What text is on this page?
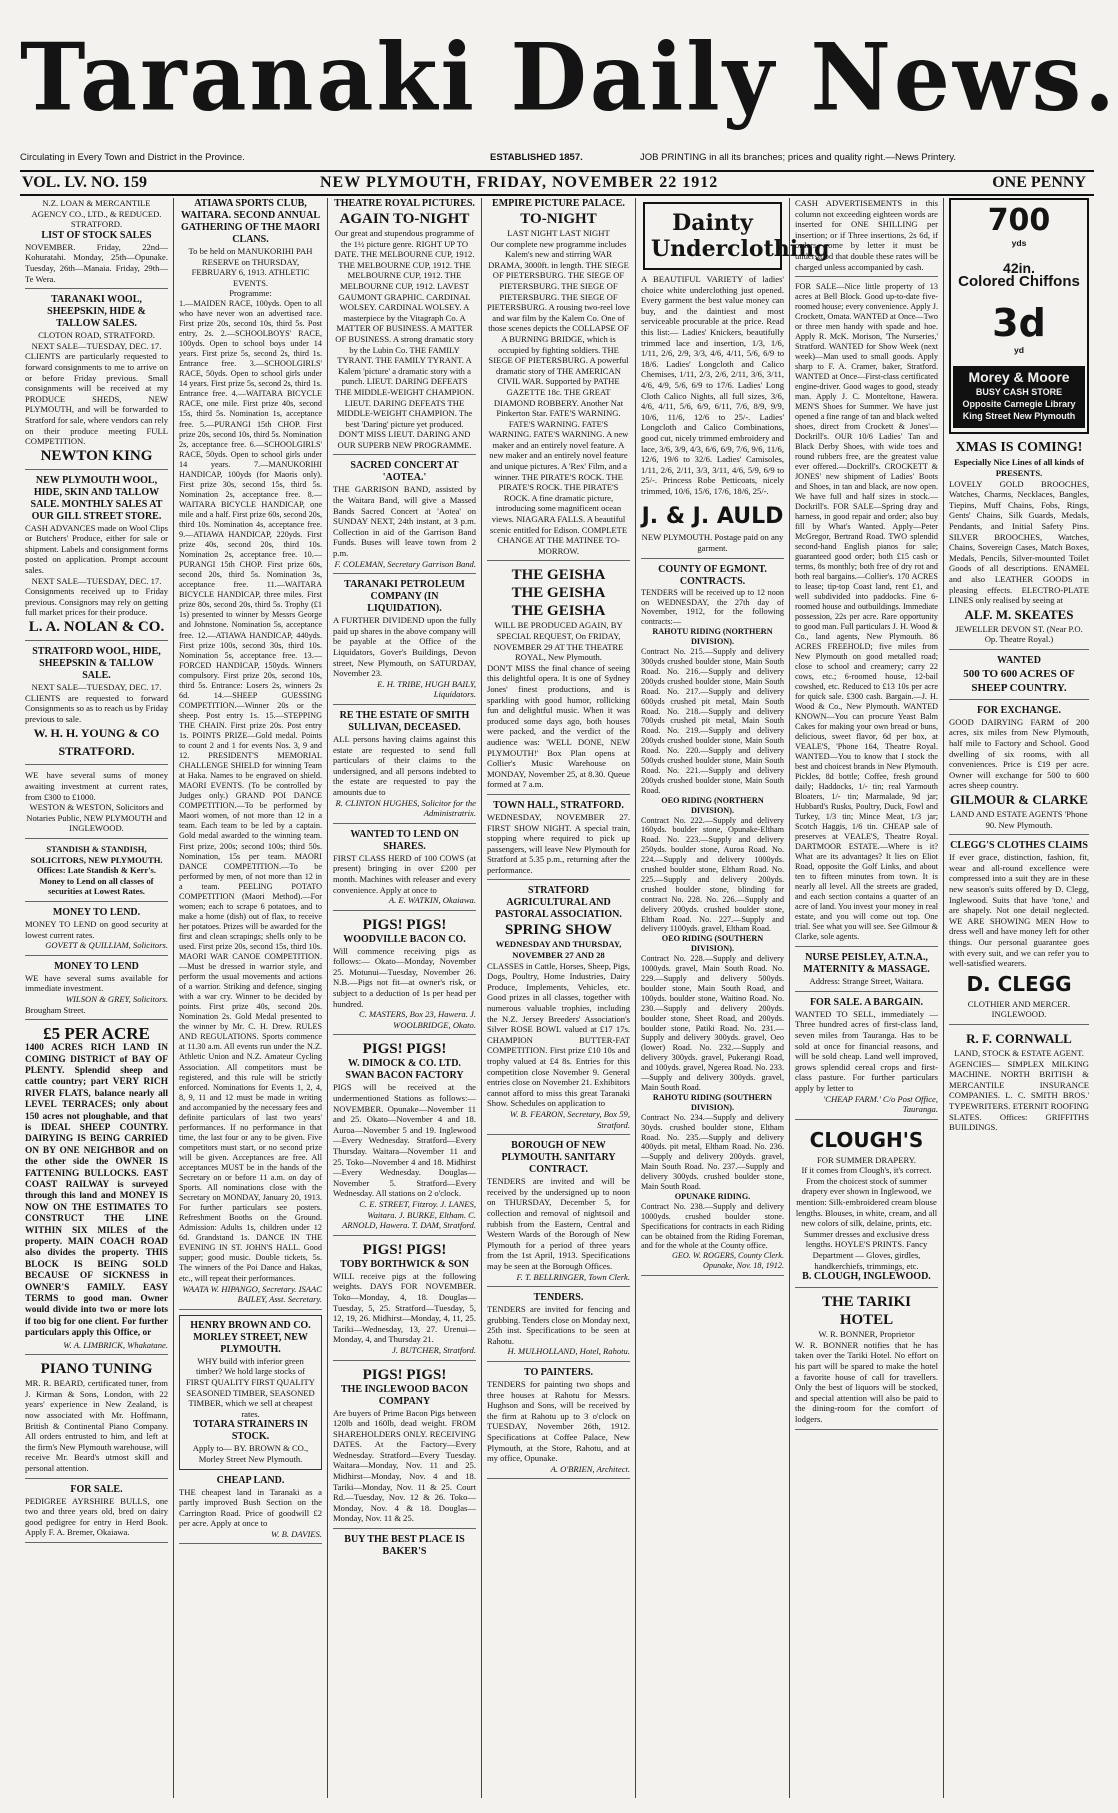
Taranaki Daily News.
Circulating in Every Town and District in the Province.	ESTABLISHED 1857.	JOB PRINTING in all its branches; prices and quality right.—News Printery.
VOL. LV. NO. 159	NEW PLYMOUTH, FRIDAY, NOVEMBER 22 1912	ONE PENNY
N.Z. LOAN & MERCANTILE AGENCY CO., LTD., & REDUCED. STRATFORD.
LIST OF STOCK SALES
NOVEMBER. Friday, 22nd—Kohuratahi. Monday, 25th—Opunake. Tuesday, 26th—Manaia. Friday, 29th—Te Wera.
TARANAKI WOOL, SHEEPSKIN, HIDE & TALLOW SALES.
CLOTON ROAD, STRATFORD.
NEXT SALE—TUESDAY, DEC. 17.
CLIENTS are particularly requested to forward consignments to me to arrive on or before Friday previous. Small consignments will be received at my PRODUCE SHEDS, NEW PLYMOUTH, and will be forwarded to Stratford for sale, where vendors can rely on their produce meeting FULL COMPETITION.
NEWTON KING
NEW PLYMOUTH WOOL, HIDE, SKIN AND TALLOW SALE. MONTHLY SALES AT OUR GILL STREET STORE.
CASH ADVANCES made on Wool Clips or Butchers' Produce, either for sale or shipment. Labels and consignment forms posted on application. Prompt account sales.
NEXT SALE—TUESDAY, DEC. 17.
Consignments received up to Friday previous. Consignors may rely on getting full market prices for their produce.
L. A. NOLAN & CO.
STRATFORD WOOL, HIDE, SHEEPSKIN & TALLOW SALE.
NEXT SALE—TUESDAY, DEC. 17.
CLIENTS are requested to forward Consignments so as to reach us by Friday previous to sale.
W. H. H. YOUNG & CO STRATFORD.
WE have several sums of money awaiting investment at current rates, from £300 to £1000.
WESTON & WESTON, Solicitors and Notaries Public, NEW PLYMOUTH and INGLEWOOD.
STANDISH & STANDISH, SOLICITORS, NEW PLYMOUTH. Offices: Late Standish & Kerr's. Money to Lend on all classes of securities at Lowest Rates.
MONEY TO LEND.
MONEY TO LEND on good security at lowest current rates.
GOVETT & QUILLIAM, Solicitors.
MONEY TO LEND
WE have several sums available for immediate investment.
WILSON & GREY, Solicitors.
Brougham Street.
£5 PER ACRE
1400 ACRES RICH LAND IN COMING DISTRICT of BAY OF PLENTY. Splendid sheep and cattle country; part VERY RICH RIVER FLATS, balance nearly all LEVEL TERRACES; only about 150 acres not ploughable, and that is IDEAL SHEEP COUNTRY. DAIRYING IS BEING CARRIED ON BY ONE NEIGHBOR and on the other side the OWNER IS FATTENING BULLOCKS. EAST COAST RAILWAY is surveyed through this land and MONEY IS NOW ON THE ESTIMATES TO CONSTRUCT THE LINE WITHIN SIX MILES of the property. MAIN COACH ROAD also divides the property. THIS BLOCK IS BEING SOLD BECAUSE OF SICKNESS in OWNER'S FAMILY. EASY TERMS to good man. Owner would divide into two or more lots if too big for one client. For further particulars apply this Office, or
W. A. LIMBRICK, Whakatane.
PIANO TUNING
MR. R. BEARD, certificated tuner, from J. Kirman & Sons, London, with 22 years' experience in New Zealand, is now associated with Mr. Hoffmann, British & Continental Piano Company. All orders entrusted to him, and left at the firm's New Plymouth warehouse, will receive Mr. Beard's utmost skill and personal attention.
FOR SALE.
PEDIGREE AYRSHIRE BULLS, one two and three years old, bred on dairy good pedigree for entry in Herd Book. Apply F. A. Bremer, Okaiawa.
ATIAWA SPORTS CLUB, WAITARA. SECOND ANNUAL GATHERING OF THE MAORI CLANS.
To be held on MANUKORIHI PAH RESERVE on THURSDAY, FEBRUARY 6, 1913. ATHLETIC EVENTS.
Programme:
1.—MAIDEN RACE, 100yds. Open to all who have never won an advertised race. First prize 20s, second 10s, third 5s. Post entry, 2s. 2.—SCHOOLBOYS' RACE, 100yds. Open to school boys under 14 years. First prize 5s, second 2s, third 1s. Entrance free. 3.—SCHOOLGIRLS' RACE, 50yds. Open to school girls under 14 years. First prize 5s, second 2s, third 1s. Entrance free. 4.—WAITARA BICYCLE RACE, one mile. First prize 40s, second 15s, third 5s. Nomination 1s, acceptance free. 5.—PURANGI 15th CHOP. First prize 20s, second 10s, third 5s. Nomination 2s, acceptance free. 6.—SCHOOLGIRLS' RACE, 50yds. Open to school girls under 14 years. 7.—MANUKORIHI HANDICAP, 100yds (for Maoris only). First prize 30s, second 15s, third 5s. Nomination 2s, acceptance free. 8.—WAITARA BICYCLE HANDICAP, one mile and a half. First prize 60s, second 20s, third 10s. Nomination 4s, acceptance free. 9.—ATIAWA HANDICAP, 220yds. First prize 40s, second 20s, third 10s. Nomination 2s, acceptance free. 10.—PURANGI 15th CHOP. First prize 60s, second 20s, third 5s. Nomination 3s, acceptance free. 11.—WAITARA BICYCLE HANDICAP, three miles. First prize 80s, second 20s, third 5s. Trophy (£1 1s) presented to winner by Messrs George and Johnstone. Nomination 5s, acceptance free. 12.—ATIAWA HANDICAP, 440yds. First prize 100s, second 30s, third 10s. Nomination 5s, acceptance free. 13.—FORCED HANDICAP, 150yds. Winners compulsory. First prize 20s, second 10s, third 5s. Entrance: Losers 2s, winners 2s 6d. 14.—SHEEP GUESSING COMPETITION.—Winner 20s or the sheep. Post entry 1s. 15.—STEPPING THE CHAIN. First prize 20s. Post entry 1s. POINTS PRIZE—Gold medal. Points to count 2 and 1 for events Nos. 3, 9 and 12. PRESIDENT'S MEMORIAL CHALLENGE SHIELD for winning Team at Haka. Names to be engraved on shield. MAORI EVENTS. (To be controlled by Judges only.) GRAND POI DANCE COMPETITION.—To be performed by Maori women, of not more than 12 in a team. Each team to be led by a captain. Gold medal awarded to the winning team. First prize, 200s; second 100s; third 50s. Nomination, 15s per team. MAORI DANCE COMPETITION.—To be performed by men, of not more than 12 in a team. PEELING POTATO COMPETITION (Maori Method).—For women; each to scrape 6 potatoes, and to make a home (dish) out of flax, to receive her potatoes. Prizes will be awarded for the first and clean scrapings; shells only to be used. First prize 20s, second 15s, third 10s. MAORI WAR CANOE COMPETITION.—Must be dressed in warrior style, and perform the usual movements and actions of a warrior. Striking and defence, singing with a war cry. Winner to be decided by points. First prize 40s, second 20s. Nomination 2s. Gold Medal presented to the winner by Mr. C. H. Drew. RULES AND REGULATIONS. Sports commence at 11.30 a.m. All events run under the N.Z. Athletic Union and N.Z. Amateur Cycling Association. All competitors must be registered, and this rule will be strictly enforced. Nominations for Events 1, 2, 4, 8, 9, 11 and 12 must be made in writing and accompanied by the necessary fees and definite particulars of last two years' performances. If no performance in that time, the last four or any to be given. Five competitors must start, or no second prize will be given. Acceptances are free. All acceptances MUST be in the hands of the Secretary on or before 11 a.m. on day of Sports. All nominations close with the Secretary on MONDAY, January 20, 1913. For further particulars see posters. Refreshment Booths on the Ground. Admission: Adults 1s, children under 12 6d. Grandstand 1s. DANCE IN THE EVENING IN ST. JOHN'S HALL. Good supper; good music. Double tickets, 5s. The winners of the Poi Dance and Hakas, etc., will repeat their performances.
WAATA W. HIPANGO, Secretary. ISAAC BAILEY, Asst. Secretary.
HENRY BROWN AND CO. MORLEY STREET, NEW PLYMOUTH.
WHY build with inferior green timber? We hold large stocks of FIRST QUALITY FIRST QUALITY SEASONED TIMBER, SEASONED TIMBER, which we sell at cheapest rates.
TOTARA STRAINERS IN STOCK.
Apply to— BY. BROWN & CO., Morley Street New Plymouth.
CHEAP LAND.
THE cheapest land in Taranaki as a partly improved Bush Section on the Carrington Road. Price of goodwill £2 per acre. Apply at once to
W. B. DAVIES.
THEATRE ROYAL PICTURES.
AGAIN TO-NIGHT
Our great and stupendous programme of the 1½ picture genre. RIGHT UP TO DATE. THE MELBOURNE CUP, 1912. THE MELBOURNE CUP, 1912. THE MELBOURNE CUP, 1912. THE MELBOURNE CUP, 1912. LAVEST GAUMONT GRAPHIC. CARDINAL WOLSEY. CARDINAL WOLSEY. A masterpiece by the Vitagraph Co. A MATTER OF BUSINESS. A MATTER OF BUSINESS. A strong dramatic story by the Lubin Co. THE FAMILY TYRANT. THE FAMILY TYRANT. A Kalem 'picture' a dramatic story with a punch. LIEUT. DARING DEFEATS THE MIDDLE-WEIGHT CHAMPION. LIEUT. DARING DEFEATS THE MIDDLE-WEIGHT CHAMPION. The best 'Daring' picture yet produced. DON'T MISS LIEUT. DARING AND OUR SUPERB NEW PROGRAMME.
SACRED CONCERT AT 'AOTEA.'
THE GARRISON BAND, assisted by the Waitara Band, will give a Massed Bands Sacred Concert at 'Aotea' on SUNDAY NEXT, 24th instant, at 3 p.m. Collection in aid of the Garrison Band Funds. Buses will leave town from 2 p.m.
F. COLEMAN, Secretary Garrison Band.
TARANAKI PETROLEUM COMPANY (IN LIQUIDATION).
A FURTHER DIVIDEND upon the fully paid up shares in the above company will be payable at the Office of the Liquidators, Gover's Buildings, Devon street, New Plymouth, on SATURDAY, November 23.
E. H. TRIBE, HUGH BAILY, Liquidators.
RE THE ESTATE OF SMITH SULLIVAN, DECEASED.
ALL persons having claims against this estate are requested to send full particulars of their claims to the undersigned, and all persons indebted to the estate are requested to pay the amounts due to
R. CLINTON HUGHES, Solicitor for the Administratrix.
WANTED TO LEND ON SHARES.
FIRST CLASS HERD of 100 COWS (at present) bringing in over £200 per month. Machines with releaser and every convenience. Apply at once to
A. E. WATKIN, Okaiawa.
PIGS! PIGS!
WOODVILLE BACON CO.
Will commence receiving pigs as follows:— Okato—Monday, November 25. Motunui—Tuesday, November 26. N.B.—Pigs not fit—at owner's risk, or subject to a deduction of 1s per head per hundred.
C. MASTERS, Box 23, Hawera. J. WOOLBRIDGE, Okato.
PIGS! PIGS!
W. DIMOCK & CO. LTD. SWAN BACON FACTORY
PIGS will be received at the undermentioned Stations as follows:— NOVEMBER. Opunake—November 11 and 25. Okato—November 4 and 18. Auroa—November 5 and 19. Inglewood—Every Wednesday. Stratford—Every Thursday. Waitara—November 11 and 25. Toko—November 4 and 18. Midhirst—Every Wednesday. Douglas—November 5. Stratford—Every Wednesday. All stations on 2 o'clock.
C. E. STREET, Fitzroy. J. LANES, Waitara. J. BURKE, Eltham. C. ARNOLD, Hawera. T. DAM, Stratford.
PIGS! PIGS!
TOBY BORTHWICK & SON
WILL receive pigs at the following weights. DAYS FOR NOVEMBER. Toko—Monday, 4, 18. Douglas—Tuesday, 5, 25. Stratford—Tuesday, 5, 12, 19, 26. Midhirst—Monday, 4, 11, 25. Tariki—Wednesday, 13, 27. Urenui—Monday, 4, and Thursday 21.
J. BUTCHER, Stratford.
PIGS! PIGS!
THE INGLEWOOD BACON COMPANY
Are buyers of Prime Bacon Pigs between 120lb and 160lb, dead weight. FROM SHAREHOLDERS ONLY. RECEIVING DATES. At the Factory—Every Wednesday. Stratford—Every Tuesday. Waitara—Monday, Nov. 11 and 25. Midhirst—Monday, Nov. 4 and 18. Tariki—Monday, Nov. 11 & 25. Court Rd.—Tuesday, Nov. 12 & 26. Toko—Monday, Nov. 4 & 18. Douglas—Monday, Nov. 11 & 25.
BUY THE BEST PLACE IS BAKER'S
EMPIRE PICTURE PALACE.
TO-NIGHT
LAST NIGHT LAST NIGHT
Our complete new programme includes Kalem's new and stirring WAR DRAMA, 3000ft. in length. THE SIEGE OF PIETERSBURG. THE SIEGE OF PIETERSBURG. THE SIEGE OF PIETERSBURG. THE SIEGE OF PIETERSBURG. A rousing two-reel love and war film by the Kalem Co. One of those scenes depicts the COLLAPSE OF A BURNING BRIDGE, which is occupied by fighting soldiers. THE SIEGE OF PIETERSBURG. A powerful dramatic story of THE AMERICAN CIVIL WAR. Supported by PATHE GAZETTE 18c. THE GREAT DIAMOND ROBBERY. Another Nat Pinkerton Star. FATE'S WARNING. FATE'S WARNING. FATE'S WARNING. FATE'S WARNING. A new maker and an entirely novel feature. A new maker and an entirely novel feature and unique pictures. A 'Rex' Film, and a winner. THE PIRATE'S ROCK. THE PIRATE'S ROCK. THE PIRATE'S ROCK. A fine dramatic picture, introducing some magnificent ocean views. NIAGARA FALLS. A beautiful scenic entitled for Edison. COMPLETE CHANGE AT THE MATINEE TO-MORROW.
THE GEISHA
THE GEISHA
THE GEISHA
WILL BE PRODUCED AGAIN, BY SPECIAL REQUEST, On FRIDAY, NOVEMBER 29 AT THE THEATRE ROYAL, New Plymouth.
DON'T MISS the final chance of seeing this delightful opera. It is one of Sydney Jones' finest productions, and is sparkling with good humor, rollicking fun and delightful music. When it was produced some days ago, both houses were packed, and the verdict of the audience was: 'WELL DONE, NEW PLYMOUTH!' Box Plan opens at Collier's Music Warehouse on MONDAY, November 25, at 8.30. Queue formed at 7 a.m.
TOWN HALL, STRATFORD.
WEDNESDAY, NOVEMBER 27. FIRST SHOW NIGHT. A special train, stopping where required to pick up passengers, will leave New Plymouth for Stratford at 5.35 p.m., returning after the performance.
STRATFORD AGRICULTURAL AND PASTORAL ASSOCIATION.
SPRING SHOW
WEDNESDAY AND THURSDAY, NOVEMBER 27 AND 28
CLASSES in Cattle, Horses, Sheep, Pigs, Dogs, Poultry, Home Industries, Dairy Produce, Implements, Vehicles, etc. Good prizes in all classes, together with numerous valuable trophies, including the N.Z. Jersey Breeders' Association's Silver ROSE BOWL valued at £17 17s. CHAMPION BUTTER-FAT COMPETITION. First prize £10 10s and trophy valued at £4 8s. Entries for this competition close November 9. General entries close on November 21. Exhibitors cannot afford to miss this great Taranaki Show. Schedules on application to
W. B. FEARON, Secretary, Box 59, Stratford.
BOROUGH OF NEW PLYMOUTH. SANITARY CONTRACT.
TENDERS are invited and will be received by the undersigned up to noon on THURSDAY, December 5, for collection and removal of nightsoil and rubbish from the Eastern, Central and Western Wards of the Borough of New Plymouth for a period of three years from the 1st April, 1913. Specifications may be seen at the Borough Offices.
F. T. BELLRINGER, Town Clerk.
TENDERS.
TENDERS are invited for fencing and grubbing. Tenders close on Monday next, 25th inst. Specifications to be seen at Rahotu.
H. MULHOLLAND, Hotel, Rahotu.
TO PAINTERS.
TENDERS for painting two shops and three houses at Rahotu for Messrs. Hughson and Sons, will be received by the firm at Rahotu up to 3 o'clock on TUESDAY, November 26th, 1912. Specifications at Coffee Palace, New Plymouth, at the Store, Rahotu, and at my office, Opunake.
A. O'BRIEN, Architect.
Dainty
Underclothing
A BEAUTIFUL VARIETY of ladies' choice white underclothing just opened. Every garment the best value money can buy, and the daintiest and most serviceable procurable at the price. Read this list:— Ladies' Knickers, beautifully trimmed lace and insertion, 1/3, 1/6, 1/11, 2/6, 2/9, 3/3, 4/6, 4/11, 5/6, 6/9 to 18/6. Ladies' Longcloth and Calico Chemises, 1/11, 2/3, 2/6, 2/11, 3/6, 3/11, 4/6, 4/9, 5/6, 6/9 to 17/6. Ladies' Long Cloth Calico Nights, all full sizes, 3/6, 4/6, 4/11, 5/6, 6/9, 6/11, 7/6, 8/9, 9/9, 10/6, 11/6, 12/6 to 25/-. Ladies' Longcloth and Calico Combinations, good cut, nicely trimmed embroidery and lace, 3/6, 3/9, 4/3, 6/6, 6/9, 7/6, 9/6, 11/6, 12/6, 19/6 to 32/6. Ladies' Camisoles, 1/11, 2/6, 2/11, 3/3, 3/11, 4/6, 5/9, 6/9 to 25/-. Princess Robe Petticoats, nicely trimmed, 10/6, 15/6, 17/6, 18/6, 25/-.
J. & J. AULD
NEW PLYMOUTH. Postage paid on any garment.
COUNTY OF EGMONT. CONTRACTS.
TENDERS will be received up to 12 noon on WEDNESDAY, the 27th day of November, 1912, for the following contracts:—
RAHOTU RIDING (NORTHERN DIVISION).
Contract No. 215.—Supply and delivery 300yds crushed boulder stone, Main South Road. No. 216.—Supply and delivery 200yds crushed boulder stone, Main South Road. No. 217.—Supply and delivery 600yds crushed pit metal, Main South Road. No. 218.—Supply and delivery 700yds crushed pit metal, Main South Road. No. 219.—Supply and delivery 200yds crushed boulder stone, Main South Road. No. 220.—Supply and delivery 500yds crushed boulder stone, Main South Road. No. 221.—Supply and delivery 200yds crushed boulder stone, Main South Road.
OEO RIDING (NORTHERN DIVISION).
Contract No. 222.—Supply and delivery 160yds. boulder stone, Opunake-Eltham Road. No. 223.—Supply and delivery 250yds. boulder stone, Auroa Road. No. 224.—Supply and delivery 1000yds. crushed boulder stone, Eltham Road. No. 225.—Supply and delivery 200yds. crushed boulder stone, blinding for contract No. 228. No. 226.—Supply and delivery 200yds. crushed boulder stone, Eltham Road. No. 227.—Supply and delivery 1100yds. gravel, Eltham Road.
OEO RIDING (SOUTHERN DIVISION).
Contract No. 228.—Supply and delivery 1000yds. gravel, Main South Road. No. 229.—Supply and delivery 500yds. boulder stone, Main South Road, and 100yds. boulder stone, Waitino Road. No. 230.—Supply and delivery 200yds. boulder stone, Sheet Road, and 200yds. boulder stone, Patiki Road. No. 231.—Supply and delivery 300yds. gravel, Oeo (lower) Road. No. 232.—Supply and delivery 300yds. gravel, Pukerangi Road, and 100yds. gravel, Ngerea Road. No. 233.—Supply and delivery 300yds. gravel, Main South Road.
RAHOTU RIDING (SOUTHERN DIVISION).
Contract No. 234.—Supply and delivery 30yds. crushed boulder stone, Eltham Road. No. 235.—Supply and delivery 400yds. pit metal, Eltham Road. No. 236.—Supply and delivery 200yds. gravel, Main South Road. No. 237.—Supply and delivery 300yds. crushed boulder stone, Main South Road.
OPUNAKE RIDING.
Contract No. 238.—Supply and delivery 1000yds. crushed boulder stone. Specifications for contracts in each Riding can be obtained from the Riding Foreman, and for the whole at the County office.
GEO. W. ROGERS, County Clerk. Opunake, Nov. 18, 1912.
CASH ADVERTISEMENTS in this column not exceeding eighteen words are inserted for ONE SHILLING per insertion; or if Three insertions, 2s 6d, if orders come by letter it must be understood that double these rates will be charged unless accompanied by cash.
FOR SALE—Nice little property of 13 acres at Bell Block. Good up-to-date five-roomed house; every convenience. Apply J. Crockett, Omata. WANTED at Once—Two or three men handy with spade and hoe. Apply R. McK. Morison, 'The Nurseries,' Stratford. WANTED for Show Week (next week)—Man used to small goods. Apply sharp to F. A. Cramer, baker, Stratford. WANTED at Once—First-class certificated engine-driver. Good wages to good, steady man. Apply J. C. Monteltone, Hawera. MEN'S Shoes for Summer. We have just opened a fine range of tan and black welted shoes, direct from Crockett & Jones'—Dockrill's. OUR 10/6 Ladies' Tan and Black Derby Shoes, with wide toes and round rubbers free, are the greatest value ever offered.—Dockrill's. CROCKETT & JONES' new shipment of Ladies' Boots and Shoes, in tan and black, are now open. We have full and half sizes in stock.—Dockrill's. FOR SALE—Spring dray and harness, in good repair and order; also buy fill by What's Wanted. Apply—Peter McGregor, Bertrand Road. TWO splendid second-hand English pianos for sale; guaranteed good order; both £15 cash or terms, 8s monthly; both free of dry rot and both real bargains.—Collier's. 170 ACRES to lease; tip-top Coast land, rent £1, and well subdivided into paddocks. Fine 6-roomed house and outbuildings. Immediate possession, 22s per acre. Rare opportunity to good man. Full particulars J. H. Wood & Co., land agents, New Plymouth. 86 ACRES FREEHOLD; five miles from New Plymouth on good metalled road; close to school and creamery; carry 22 cows, etc.; 6-roomed house, 12-bail cowshed, etc. Reduced to £13 10s per acre for quick sale. £300 cash. Bargain.—J. H. Wood & Co., New Plymouth. WANTED KNOWN—You can procure Yeast Balm Cakes for making your own bread or buns, delicious, sweet flavor, 6d per box, at VEALE'S, 'Phone 164, Theatre Royal. WANTED—You to know that I stock the best and choicest brands in New Plymouth. Pickles, 8d bottle; Coffee, fresh ground daily; Haddocks, 1/- tin; real Yarmouth Bloaters, 1/- tin; Marmalade, 9d jar; Hubbard's Rusks, Poultry, Duck, Fowl and Turkey, 1/3 tin; Mince Meat, 1/3 jar; Scotch Haggis, 1/6 tin. CHEAP sale of preserves at VEALE'S, Theatre Royal. DARTMOOR ESTATE.—Where is it? What are its advantages? It lies on Eliot Road, opposite the Golf Links, and about ten to fifteen minutes from town. It is nearly all level. All the streets are graded, and each section contains a quarter of an acre of land. You invest your money in real estate, and you will come out top. One trial. See what you will see. See Gilmour & Clarke, sole agents.
NURSE PEISLEY, A.T.N.A., MATERNITY & MASSAGE.
Address: Strange Street, Waitara.
FOR SALE. A BARGAIN.
WANTED TO SELL, immediately — Three hundred acres of first-class land, seven miles from Tauranga. Has to be sold at once for financial reasons, and will be sold cheap. Land well improved, grows splendid cereal crops and first-class pasture. For further particulars apply by letter to
'CHEAP FARM.' C/o Post Office, Tauranga.
CLOUGH'S
FOR SUMMER DRAPERY.
If it comes from Clough's, it's correct. From the choicest stock of summer drapery ever shown in Inglewood, we mention: Silk-embroidered cream blouse lengths. Blouses, in white, cream, and all new colors of silk, delaine, prints, etc. Summer dresses and exclusive dress lengths. HOYLE'S PRINTS. Fancy Department — Gloves, girdles, handkerchiefs, trimmings, etc.
B. CLOUGH, INGLEWOOD.
THE TARIKI HOTEL
W. R. BONNER, Proprietor
W. R. BONNER notifies that he has taken over the Tariki Hotel. No effort on his part will be spared to make the hotel a favorite house of call for travellers. Only the best of liquors will be stocked, and special attention will also be paid to the dining-room for the comfort of lodgers.
700
yds
42in.
Colored Chiffons
3d
yd
Morey & Moore
BUSY CASH STORE Opposite Carnegie Library King Street New Plymouth
XMAS IS COMING!
Especially Nice Lines of all kinds of PRESENTS.
LOVELY GOLD BROOCHES, Watches, Charms, Necklaces, Bangles, Tiepins, Muff Chains, Fobs, Rings, Gents' Chains, Silk Guards, Medals, Pendants, and Initial Safety Pins. SILVER BROOCHES, Watches, Chains, Sovereign Cases, Match Boxes, Medals, Pencils, Silver-mounted Toilet Goods of all descriptions. ENAMEL and also LEATHER GOODS in pleasing effects. ELECTRO-PLATE LINES only realised by seeing at
ALF. M. SKEATES
JEWELLER DEVON ST. (Near P.O. Op. Theatre Royal.)
WANTED
500 TO 600 ACRES OF SHEEP COUNTRY.
FOR EXCHANGE.
GOOD DAIRYING FARM of 200 acres, six miles from New Plymouth, half mile to Factory and School. Good dwelling of six rooms, with all conveniences. Price is £19 per acre. Owner will exchange for 500 to 600 acres sheep country.
GILMOUR & CLARKE
LAND AND ESTATE AGENTS 'Phone 90. New Plymouth.
CLEGG'S CLOTHES CLAIMS
If ever grace, distinction, fashion, fit, wear and all-round excellence were compressed into a suit they are in these new season's suits offered by D. Clegg, Inglewood. Suits that have 'tone,' and are shapely. Not one detail neglected. WE ARE SHOWING MEN How to dress well and have money left for other things. Our personal guarantee goes with every suit, and we can refer you to well-satisfied wearers.
D. CLEGG
CLOTHIER AND MERCER. INGLEWOOD.
R. F. CORNWALL
LAND, STOCK & ESTATE AGENT.
AGENCIES— SIMPLEX MILKING MACHINE. NORTH BRITISH & MERCANTILE INSURANCE COMPANIES. L. C. SMITH BROS.' TYPEWRITERS. ETERNIT ROOFING SLATES. Offices: GRIFFITHS BUILDINGS.
